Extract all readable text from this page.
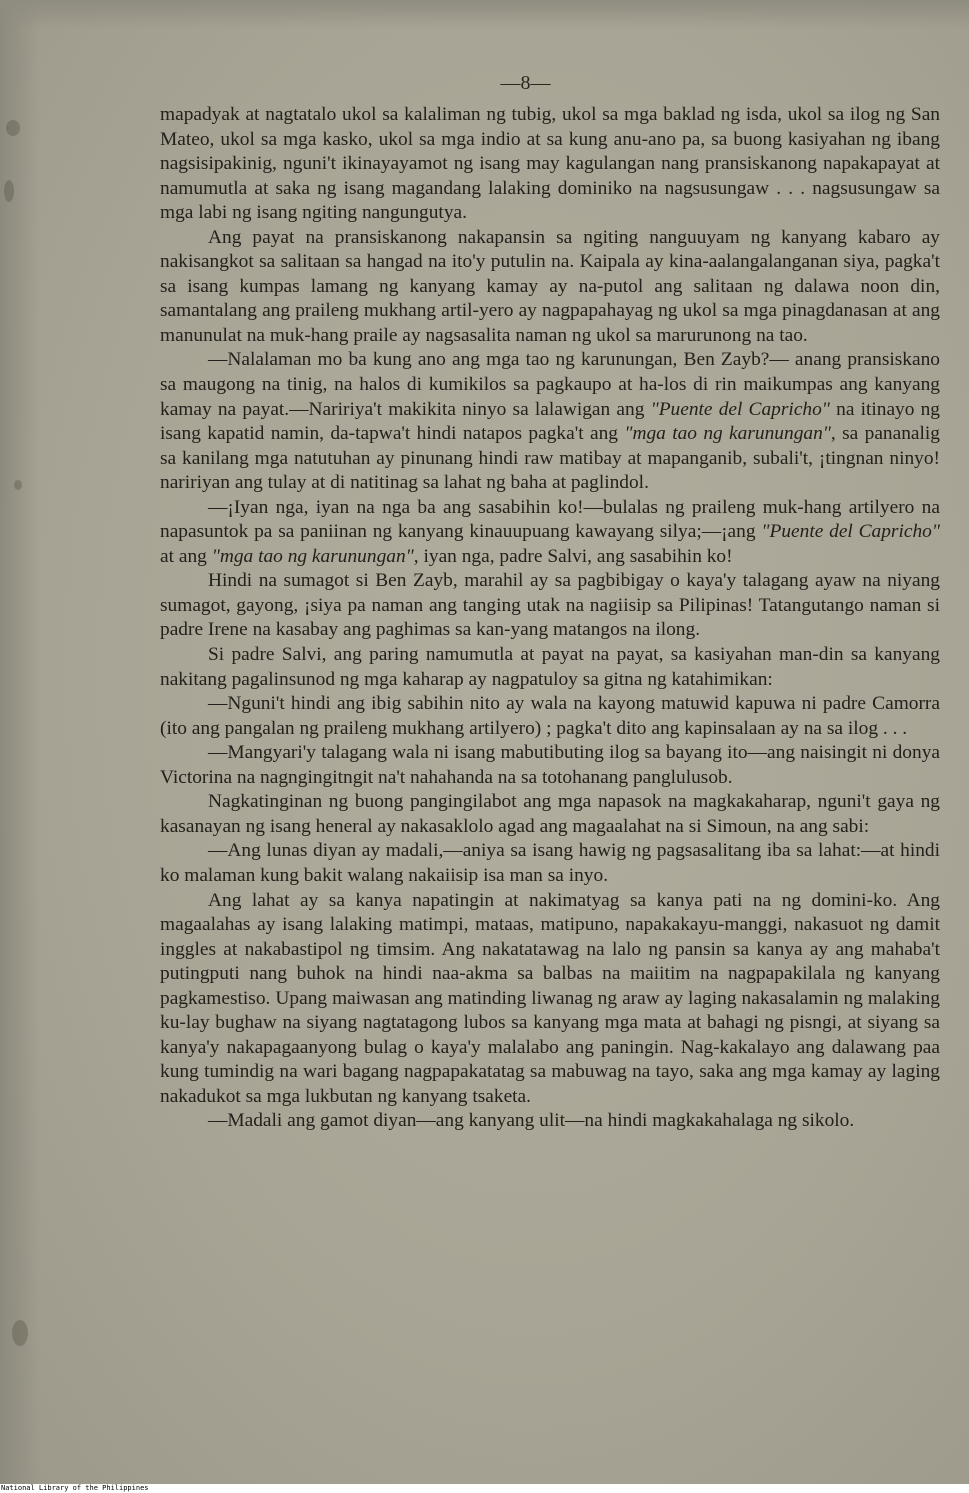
—8—

mapadyak at nagtatalo ukol sa kalaliman ng tubig, ukol sa mga baklad ng isda, ukol sa ilog ng San Mateo, ukol sa mga kasko, ukol sa mga indio at sa kung anu-ano pa, sa buong kasiyahan ng ibang nagsisipakinig, nguni't ikinayayamot ng isang may kagulangan nang pransiskanong napakapayat at namumutla at saka ng isang magandang lalaking dominiko na nagsusungaw . . . nagsusungaw sa mga labi ng isang ngiting nangungutya.

Ang payat na pransiskanong nakapansin sa ngiting nanguuyam ng kanyang kabaro ay nakisangkot sa salitaan sa hangad na ito'y putulin na. Kaipala ay kina-aalangalanganan siya, pagka't sa isang kumpas lamang ng kanyang kamay ay na-putol ang salitaan ng dalawa noon din, samantalang ang praileng mukhang artil-yero ay nagpapahayag ng ukol sa mga pinagdanasan at ang manunulat na muk-hang praile ay nagsasalita naman ng ukol sa marurunong na tao.

—Nalalaman mo ba kung ano ang mga tao ng karunungan, Ben Zayb?— anang pransiskano sa maugong na tinig, na halos di kumikilos sa pagkaupo at ha-los di rin maikumpas ang kanyang kamay na payat.—Naririya't makikita ninyo sa lalawigan ang "Puente del Capricho" na itinayo ng isang kapatid namin, da-tapwa't hindi natapos pagka't ang "mga tao ng karunungan", sa pananalig sa kanilang mga natutuhan ay pinunang hindi raw matibay at mapanganib, subali't, ¡tingnan ninyo! naririyan ang tulay at di natitinag sa lahat ng baha at paglindol.

—¡Iyan nga, iyan na nga ba ang sasabihin ko!—bulalas ng praileng muk-hang artilyero na napasuntok pa sa paniinan ng kanyang kinauupuang kawayang silya;—¡ang "Puente del Capricho" at ang "mga tao ng karunungan", iyan nga, padre Salvi, ang sasabihin ko!

Hindi na sumagot si Ben Zayb, marahil ay sa pagbibigay o kaya'y talagang ayaw na niyang sumagot, gayong, ¡siya pa naman ang tanging utak na nagiisip sa Pilipinas! Tatangutango naman si padre Irene na kasabay ang paghimas sa kan-yang matangos na ilong.

Si padre Salvi, ang paring namumutla at payat na payat, sa kasiyahan man-din sa kanyang nakitang pagalinsunod ng mga kaharap ay nagpatuloy sa gitna ng katahimikan:

—Nguni't hindi ang ibig sabihin nito ay wala na kayong matuwid kapuwa ni padre Camorra (ito ang pangalan ng praileng mukhang artilyero) ; pagka't dito ang kapinsalaan ay na sa ilog . . .

—Mangyari'y talagang wala ni isang mabutibuting ilog sa bayang ito—ang naisingit ni donya Victorina na nagngingitngit na't nahahanda na sa totohanang panglulusob.

Nagkatinginan ng buong pangingilabot ang mga napasok na magkakaharap, nguni't gaya ng kasanayan ng isang heneral ay nakasaklolo agad ang magaalahat na si Simoun, na ang sabi:

—Ang lunas diyan ay madali,—aniya sa isang hawig ng pagsasalitang iba sa lahat:—at hindi ko malaman kung bakit walang nakaiisip isa man sa inyo.

Ang lahat ay sa kanya napatingin at nakimatyag sa kanya pati na ng domini-ko. Ang magaalahas ay isang lalaking matimpi, mataas, matipuno, napakakayu-manggi, nakasuot ng damit inggles at nakabastipol ng timsim. Ang nakatatawag na lalo ng pansin sa kanya ay ang mahaba't putingputi nang buhok na hindi naa-akma sa balbas na maiitim na nagpapakilala ng kanyang pagkamestiso. Upang maiwasan ang matinding liwanag ng araw ay laging nakasalamin ng malaking ku-lay bughaw na siyang nagtatagong lubos sa kanyang mga mata at bahagi ng pisngi, at siyang sa kanya'y nakapagaanyong bulag o kaya'y malalabo ang paningin. Nag-kakalayo ang dalawang paa kung tumindig na wari bagang nagpapakatatag sa mabuwag na tayo, saka ang mga kamay ay laging nakadukot sa mga lukbutan ng kanyang tsaketa.

—Madali ang gamot diyan—ang kanyang ulit—na hindi magkakahalaga ng sikolo.

National Library of the Philippines
